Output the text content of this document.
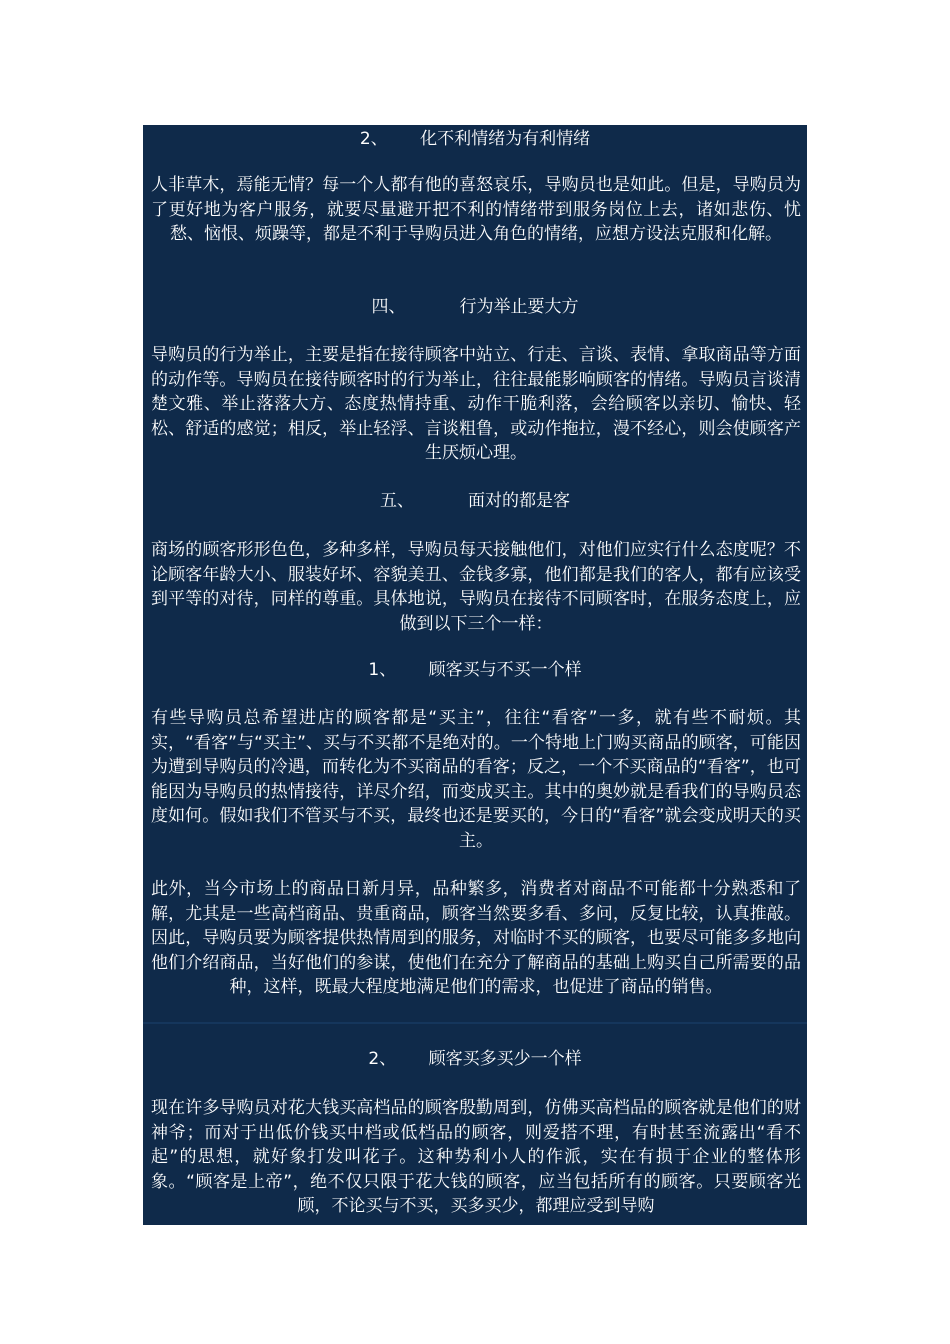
2、      化不利情绪为有利情绪
人非草木，焉能无情？每一个人都有他的喜怒哀乐，导购员也是如此。但是，导购员为了更好地为客户服务，就要尽量避开把不利的情绪带到服务岗位上去，诸如悲伤、忧愁、恼恨、烦躁等，都是不利于导购员进入角色的情绪，应想方设法克服和化解。
四、          行为举止要大方
导购员的行为举止，主要是指在接待顾客中站立、行走、言谈、表情、拿取商品等方面的动作等。导购员在接待顾客时的行为举止，往往最能影响顾客的情绪。导购员言谈清楚文雅、举止落落大方、态度热情持重、动作干脆利落，会给顾客以亲切、愉快、轻松、舒适的感觉；相反，举止轻浮、言谈粗鲁，或动作拖拉，漫不经心，则会使顾客产生厌烦心理。
五、          面对的都是客
商场的顾客形形色色，多种多样，导购员每天接触他们，对他们应实行什么态度呢？不论顾客年龄大小、服装好坏、容貌美丑、金钱多寡，他们都是我们的客人，都有应该受到平等的对待，同样的尊重。具体地说，导购员在接待不同顾客时，在服务态度上，应做到以下三个一样：
1、      顾客买与不买一个样
有些导购员总希望进店的顾客都是“买主”，往往“看客”一多，就有些不耐烦。其实，“看客”与“买主”、买与不买都不是绝对的。一个特地上门购买商品的顾客，可能因为遭到导购员的冷遇，而转化为不买商品的看客；反之，一个不买商品的“看客”，也可能因为导购员的热情接待，详尽介绍，而变成买主。其中的奥妙就是看我们的导购员态度如何。假如我们不管买与不买，最终也还是要买的，今日的“看客”就会变成明天的买主。
此外，当今市场上的商品日新月异，品种繁多，消费者对商品不可能都十分熟悉和了解，尤其是一些高档商品、贵重商品，顾客当然要多看、多问，反复比较，认真推敲。因此，导购员要为顾客提供热情周到的服务，对临时不买的顾客，也要尽可能多多地向他们介绍商品，当好他们的参谋，使他们在充分了解商品的基础上购买自己所需要的品种，这样，既最大程度地满足他们的需求，也促进了商品的销售。
2、      顾客买多买少一个样
现在许多导购员对花大钱买高档品的顾客殷勤周到，仿佛买高档品的顾客就是他们的财神爷；而对于出低价钱买中档或低档品的顾客，则爱搭不理，有时甚至流露出“看不起”的思想，就好象打发叫花子。这种势利小人的作派，实在有损于企业的整体形象。“顾客是上帝”，绝不仅只限于花大钱的顾客，应当包括所有的顾客。只要顾客光顾，不论买与不买，买多买少，都理应受到导购
